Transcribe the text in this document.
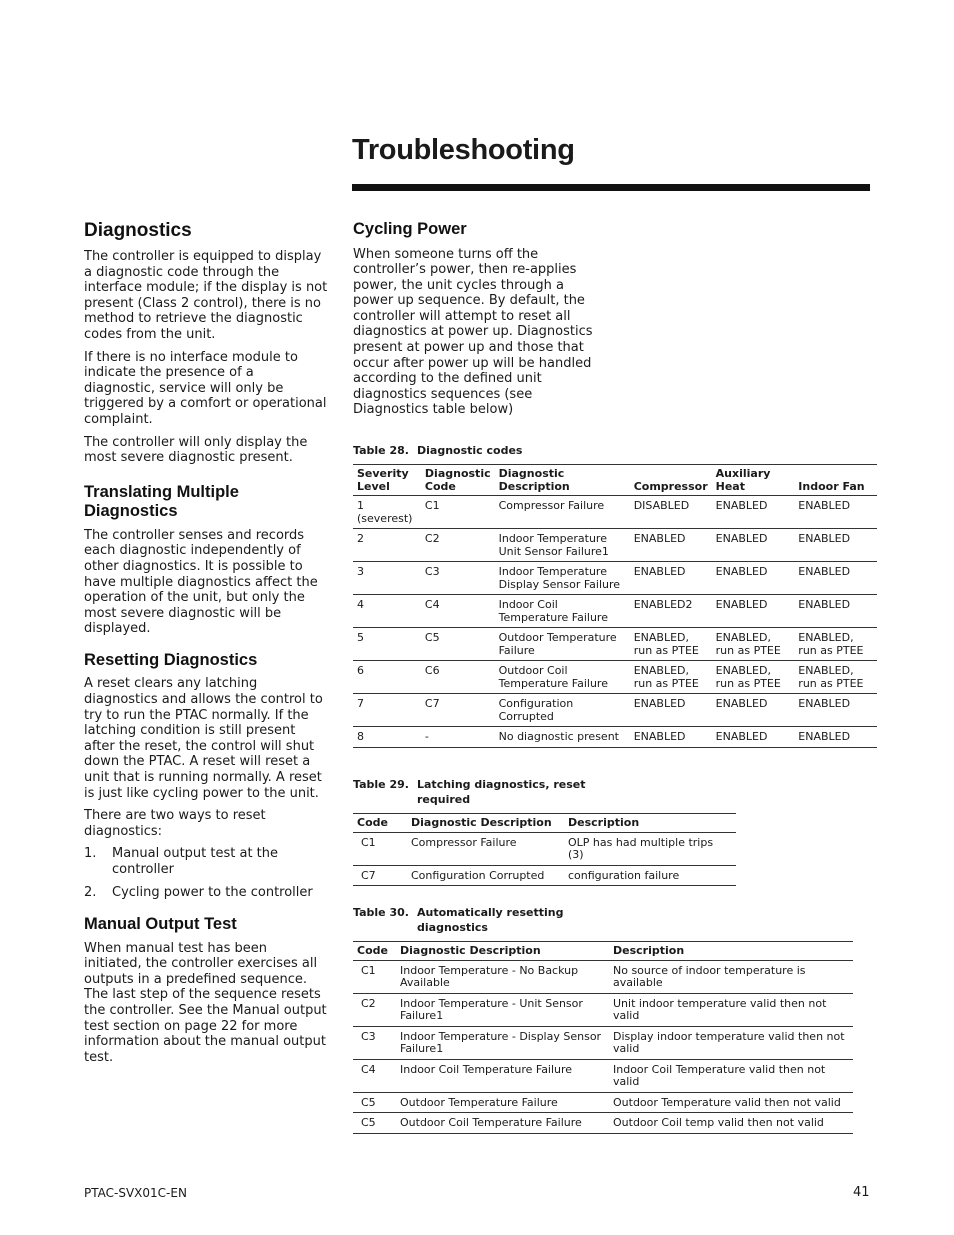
Troubleshooting
Diagnostics

The controller is equipped to display a diagnostic code through the interface module; if the display is not present (Class 2 control), there is no method to retrieve the diagnostic codes from the unit.

If there is no interface module to indicate the presence of a diagnostic, service will only be triggered by a comfort or operational complaint.

The controller will only display the most severe diagnostic present.

Translating Multiple Diagnostics

The controller senses and records each diagnostic independently of other diagnostics. It is possible to have multiple diagnostics affect the operation of the unit, but only the most severe diagnostic will be displayed.

Resetting Diagnostics

A reset clears any latching diagnostics and allows the control to try to run the PTAC normally. If the latching condition is still present after the reset, the control will shut down the PTAC. A reset will reset a unit that is running normally. A reset is just like cycling power to the unit.

There are two ways to reset diagnostics:

1. Manual output test at the controller
2. Cycling power to the controller
Manual Output Test

When manual test has been initiated, the controller exercises all outputs in a predefined sequence. The last step of the sequence resets the controller. See the Manual output test section on page 22 for more information about the manual output test.

Cycling Power

When someone turns off the controller’s power, then re-applies power, the unit cycles through a power up sequence. By default, the controller will attempt to reset all diagnostics at power up. Diagnostics present at power up and those that occur after power up will be handled according to the defined unit diagnostics sequences (see Diagnostics table below)

Table 28. Diagnostic codes

Severity Level	Diagnostic Code	Diagnostic Description	Compressor	Auxiliary Heat	Indoor Fan
1 (severest)	C1	Compressor Failure	DISABLED	ENABLED	ENABLED
2	C2	Indoor Temperature Unit Sensor Failure1	ENABLED	ENABLED	ENABLED
3	C3	Indoor Temperature Display Sensor Failure	ENABLED	ENABLED	ENABLED
4	C4	Indoor Coil Temperature Failure	ENABLED2	ENABLED	ENABLED
5	C5	Outdoor Temperature Failure	ENABLED, run as PTEE	ENABLED, run as PTEE	ENABLED, run as PTEE
6	C6	Outdoor Coil Temperature Failure	ENABLED, run as PTEE	ENABLED, run as PTEE	ENABLED, run as PTEE
7	C7	Configuration Corrupted	ENABLED	ENABLED	ENABLED
8	-	No diagnostic present	ENABLED	ENABLED	ENABLED

Table 29. Latching diagnostics, reset
required

Code	Diagnostic Description	Description
C1	Compressor Failure	OLP has had multiple trips (3)
C7	Configuration Corrupted	configuration failure

Table 30. Automatically resetting
diagnostics

Code	Diagnostic Description	Description
C1	Indoor Temperature - No Backup Available	No source of indoor temperature is available
C2	Indoor Temperature - Unit Sensor Failure1	Unit indoor temperature valid then not valid
C3	Indoor Temperature - Display Sensor Failure1	Display indoor temperature valid then not valid
C4	Indoor Coil Temperature Failure	Indoor Coil Temperature valid then not valid
C5	Outdoor Temperature Failure	Outdoor Temperature valid then not valid
C5	Outdoor Coil Temperature Failure	Outdoor Coil temp valid then not valid
PTAC-SVX01C-EN	41
